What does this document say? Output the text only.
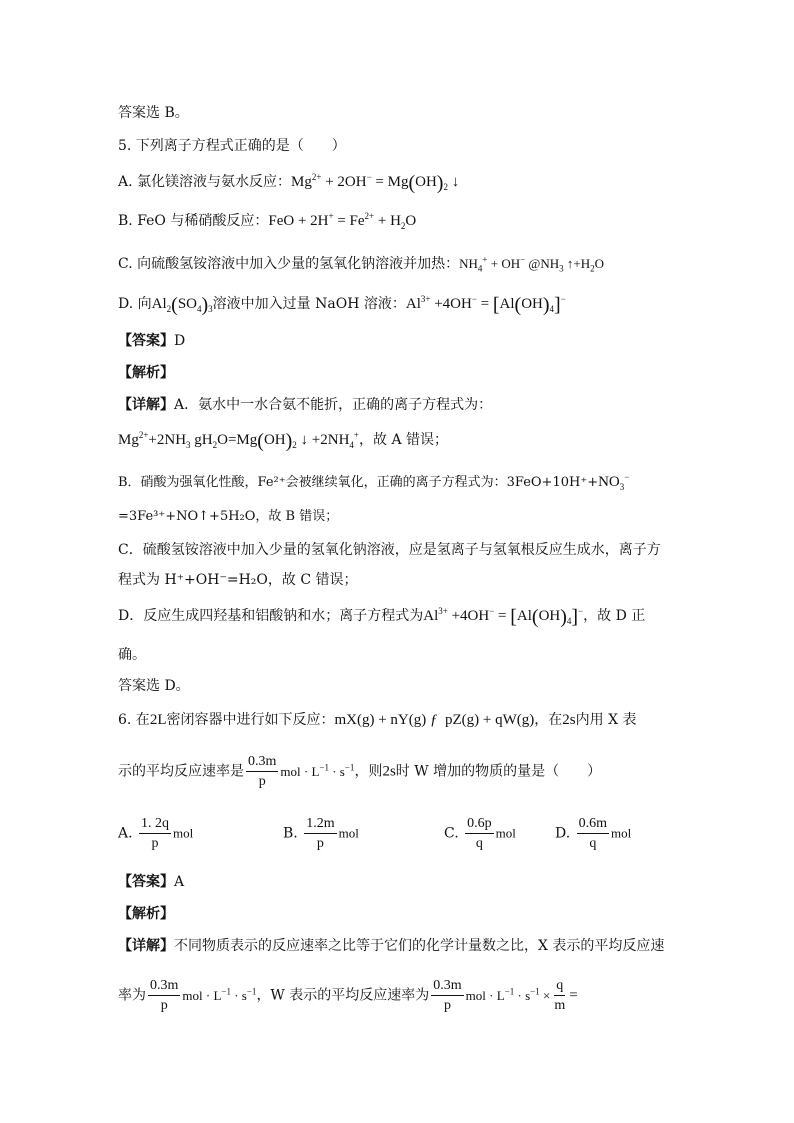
答案选 B。
5. 下列离子方程式正确的是（　　）
A. 氯化镁溶液与氨水反应：$Mg^{2+} + 2OH^- = Mg(OH)_2$ ↓
B. FeO 与稀硝酸反应：FeO + $2H^+ = Fe^{2+} + H_2O$
C. 向硫酸氢铵溶液中加入少量的氢氧化钠溶液并加热：$NH_4^+ + OH^-$ $@NH_3$ $↑+H_2O$
D. 向$Al_2(SO_4)_3$溶液中加入过量 NaOH 溶液：$Al^{3+} +4OH^- = [Al(OH)_4]^-$
【答案】D
【解析】
【详解】A．氨水中一水合氨不能折，正确的离子方程式为：
$Mg^{2+}+2NH_3$ $gH_2O=Mg(OH)_2$ ↓ $+2NH_4^+$，故 A 错误；
B．硝酸为强氧化性酸，Fe²⁺会被继续氧化，正确的离子方程式为：$3FeO+10H^++NO_3^-$
=3Fe³⁺+NO↑+5H₂O，故 B 错误；
C．硫酸氢铵溶液中加入少量的氢氧化钠溶液，应是氢离子与氢氧根反应生成水，离子方
程式为 H⁺+OH⁻=H₂O，故 C 错误；
D．反应生成四羟基和铝酸钠和水；离子方程式为$Al^{3+} +4OH^- = [Al(OH)_4]^-$，故 D 正
确。
答案选 D。
6. 在2L密闭容器中进行如下反应：mX(g) + nY(g) ƒ  pZ(g) + qW(g)，在2s内用 X 表
示的平均反应速率是 $\frac{0.3m}{p}$ mol · $L^{-1} \cdot s^{-1}$，则2s时 W 增加的物质的量是（　　）
A. $\frac{1. 2q}{p}$ mol	B. $\frac{1.2m}{p}$ mol	C. $\frac{0.6p}{q}$ mol	D. $\frac{0.6m}{q}$ mol
【答案】A
【解析】
【详解】不同物质表示的反应速率之比等于它们的化学计量数之比，X 表示的平均反应速
率为 $\frac{0.3m}{p}$ mol · $L^{-1} \cdot s^{-1}$，W 表示的平均反应速率为 $\frac{0.3m}{p}$ mol · $L^{-1} \cdot s^{-1} \times \frac{q}{m}$ =
